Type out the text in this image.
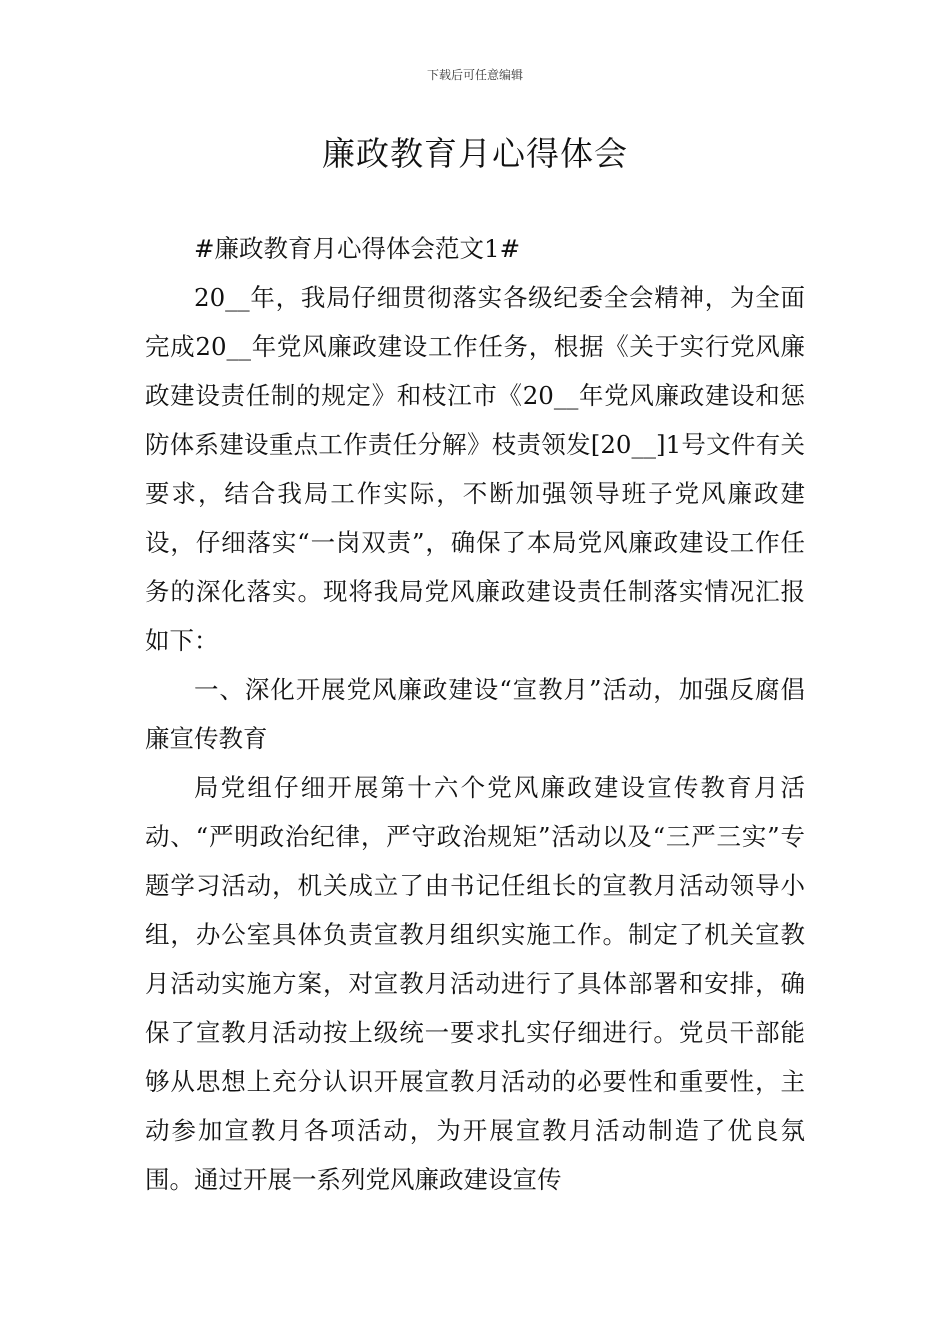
下载后可任意编辑
廉政教育月心得体会

#廉政教育月心得体会范文1#

20__年，我局仔细贯彻落实各级纪委全会精神，为全面完成20__年党风廉政建设工作任务，根据《关于实行党风廉政建设责任制的规定》和枝江市《20__年党风廉政建设和惩防体系建设重点工作责任分解》枝责领发[20__]1号文件有关要求，结合我局工作实际，不断加强领导班子党风廉政建设，仔细落实“一岗双责”，确保了本局党风廉政建设工作任务的深化落实。现将我局党风廉政建设责任制落实情况汇报如下：

一、深化开展党风廉政建设“宣教月”活动，加强反腐倡廉宣传教育

局党组仔细开展第十六个党风廉政建设宣传教育月活动、“严明政治纪律，严守政治规矩”活动以及“三严三实”专题学习活动，机关成立了由书记任组长的宣教月活动领导小组，办公室具体负责宣教月组织实施工作。制定了机关宣教月活动实施方案，对宣教月活动进行了具体部署和安排，确保了宣教月活动按上级统一要求扎实仔细进行。党员干部能够从思想上充分认识开展宣教月活动的必要性和重要性，主动参加宣教月各项活动，为开展宣教月活动制造了优良氛围。通过开展一系列党风廉政建设宣传
